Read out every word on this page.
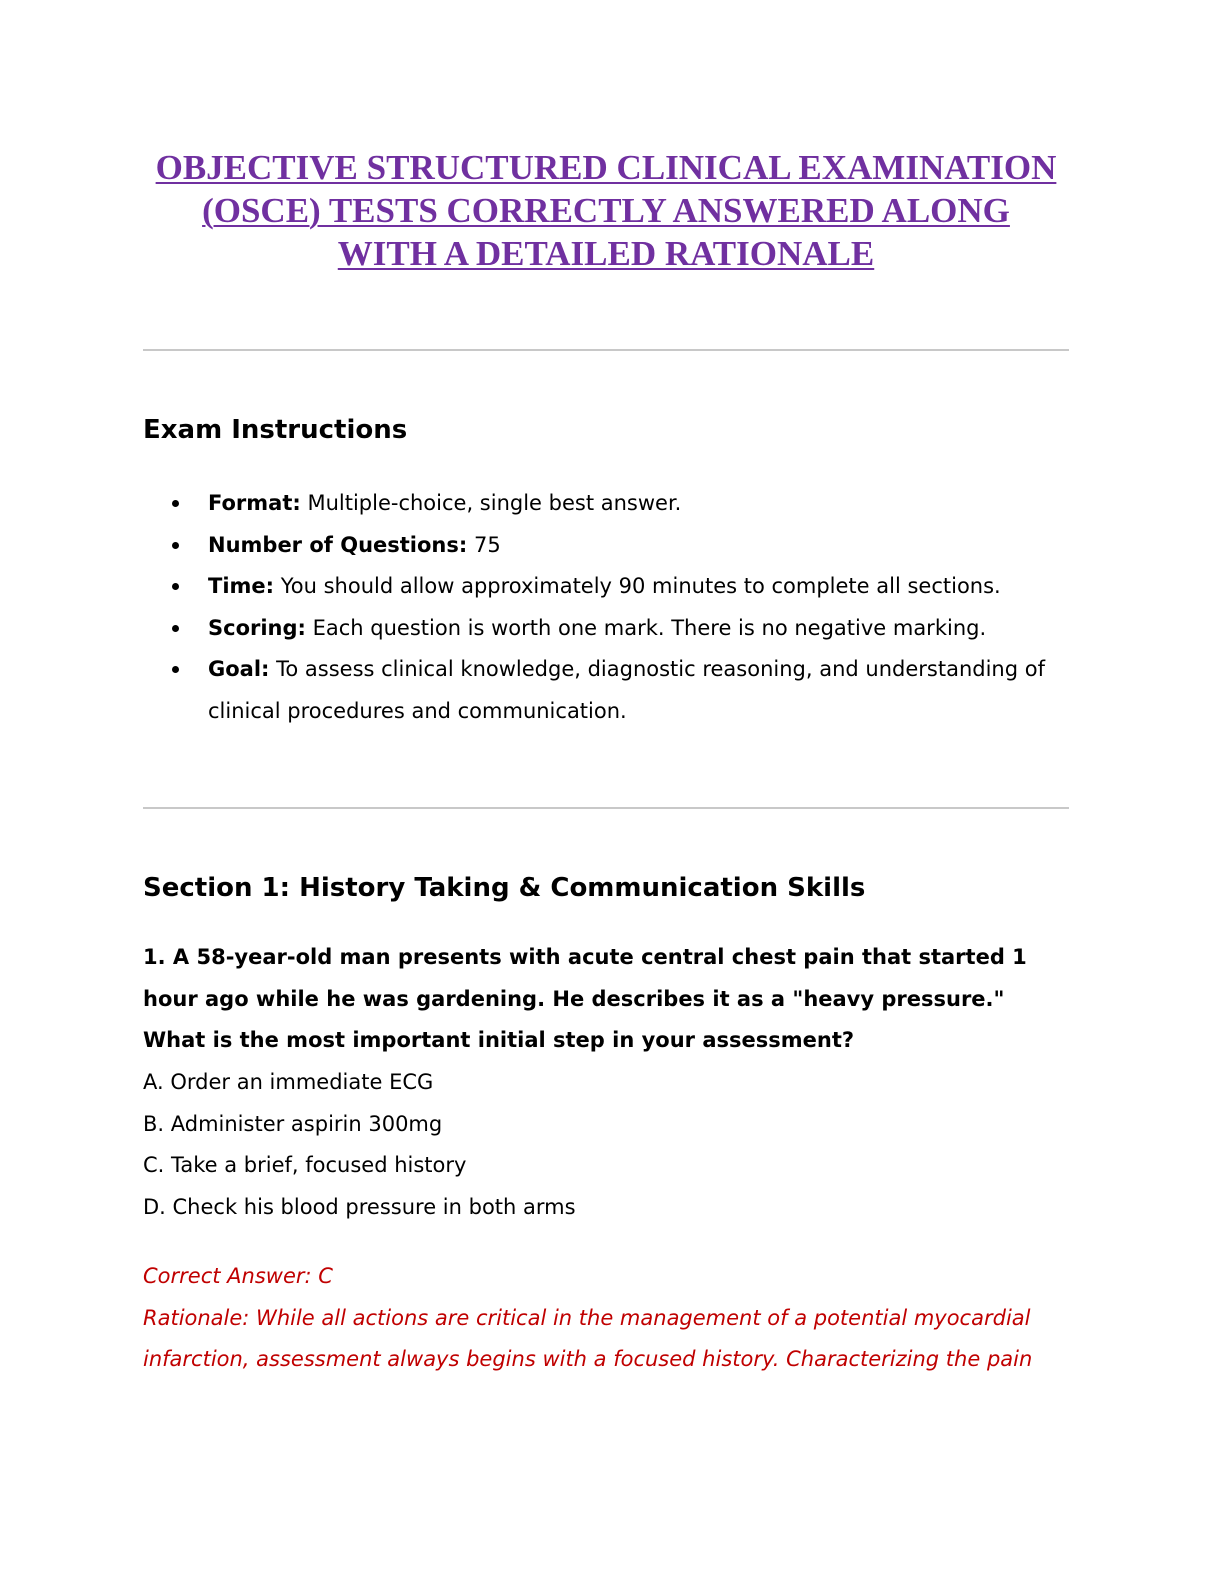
OBJECTIVE STRUCTURED CLINICAL EXAMINATION
(OSCE) TESTS CORRECTLY ANSWERED ALONG
WITH A DETAILED RATIONALE
Exam Instructions
Format: Multiple-choice, single best answer.
Number of Questions: 75
Time: You should allow approximately 90 minutes to complete all sections.
Scoring: Each question is worth one mark. There is no negative marking.
Goal: To assess clinical knowledge, diagnostic reasoning, and understanding of clinical procedures and communication.
Section 1: History Taking & Communication Skills

1. A 58-year-old man presents with acute central chest pain that started 1 hour ago while he was gardening. He describes it as a "heavy pressure." What is the most important initial step in your assessment?

A. Order an immediate ECG
B. Administer aspirin 300mg
C. Take a brief, focused history
D. Check his blood pressure in both arms
Correct Answer: C
Rationale: While all actions are critical in the management of a potential myocardial infarction, assessment always begins with a focused history. Characterizing the pain
